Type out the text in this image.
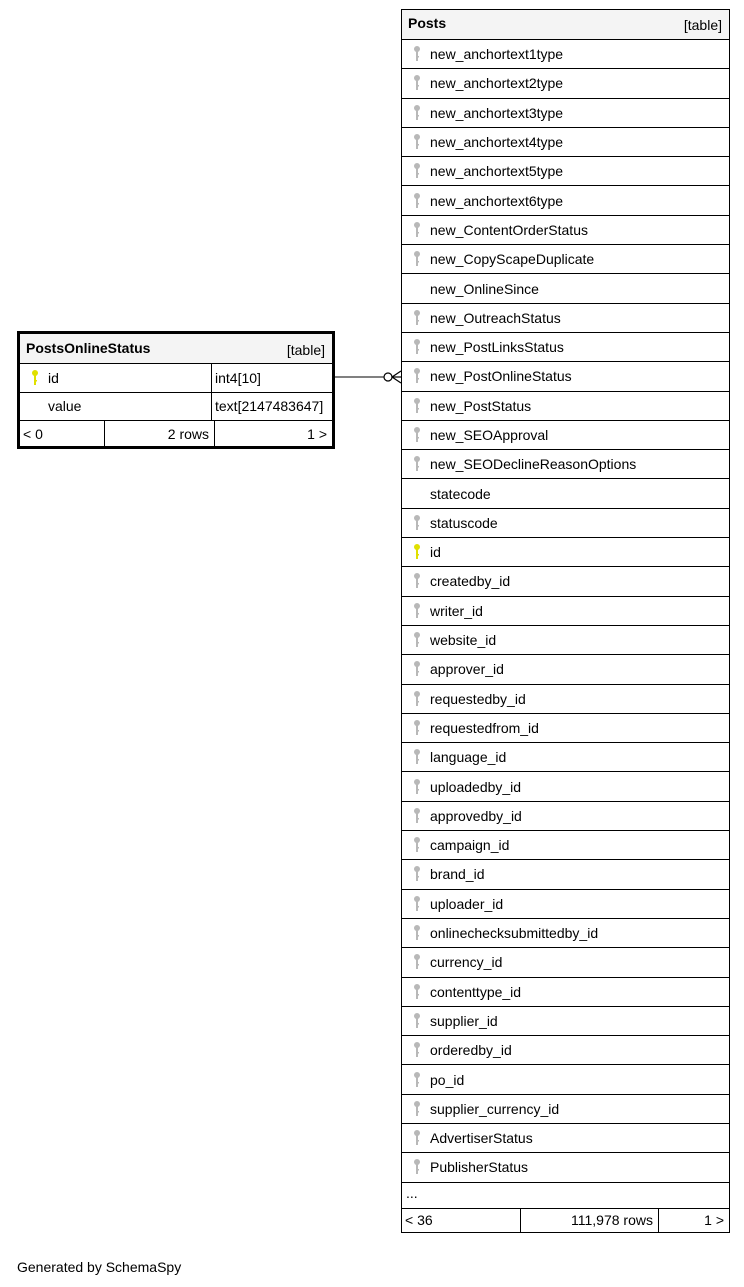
PostsOnlineStatus	[table]
id	int4[10]
value	text[2147483647]
< 0	2 rows	1 >
Posts	[table]
new_anchortext1type
new_anchortext2type
new_anchortext3type
new_anchortext4type
new_anchortext5type
new_anchortext6type
new_ContentOrderStatus
new_CopyScapeDuplicate
new_OnlineSince
new_OutreachStatus
new_PostLinksStatus
new_PostOnlineStatus
new_PostStatus
new_SEOApproval
new_SEODeclineReasonOptions
statecode
statuscode
id
createdby_id
writer_id
website_id
approver_id
requestedby_id
requestedfrom_id
language_id
uploadedby_id
approvedby_id
campaign_id
brand_id
uploader_id
onlinechecksubmittedby_id
currency_id
contenttype_id
supplier_id
orderedby_id
po_id
supplier_currency_id
AdvertiserStatus
PublisherStatus
...
< 36	111,978 rows	1 >
Generated by SchemaSpy
